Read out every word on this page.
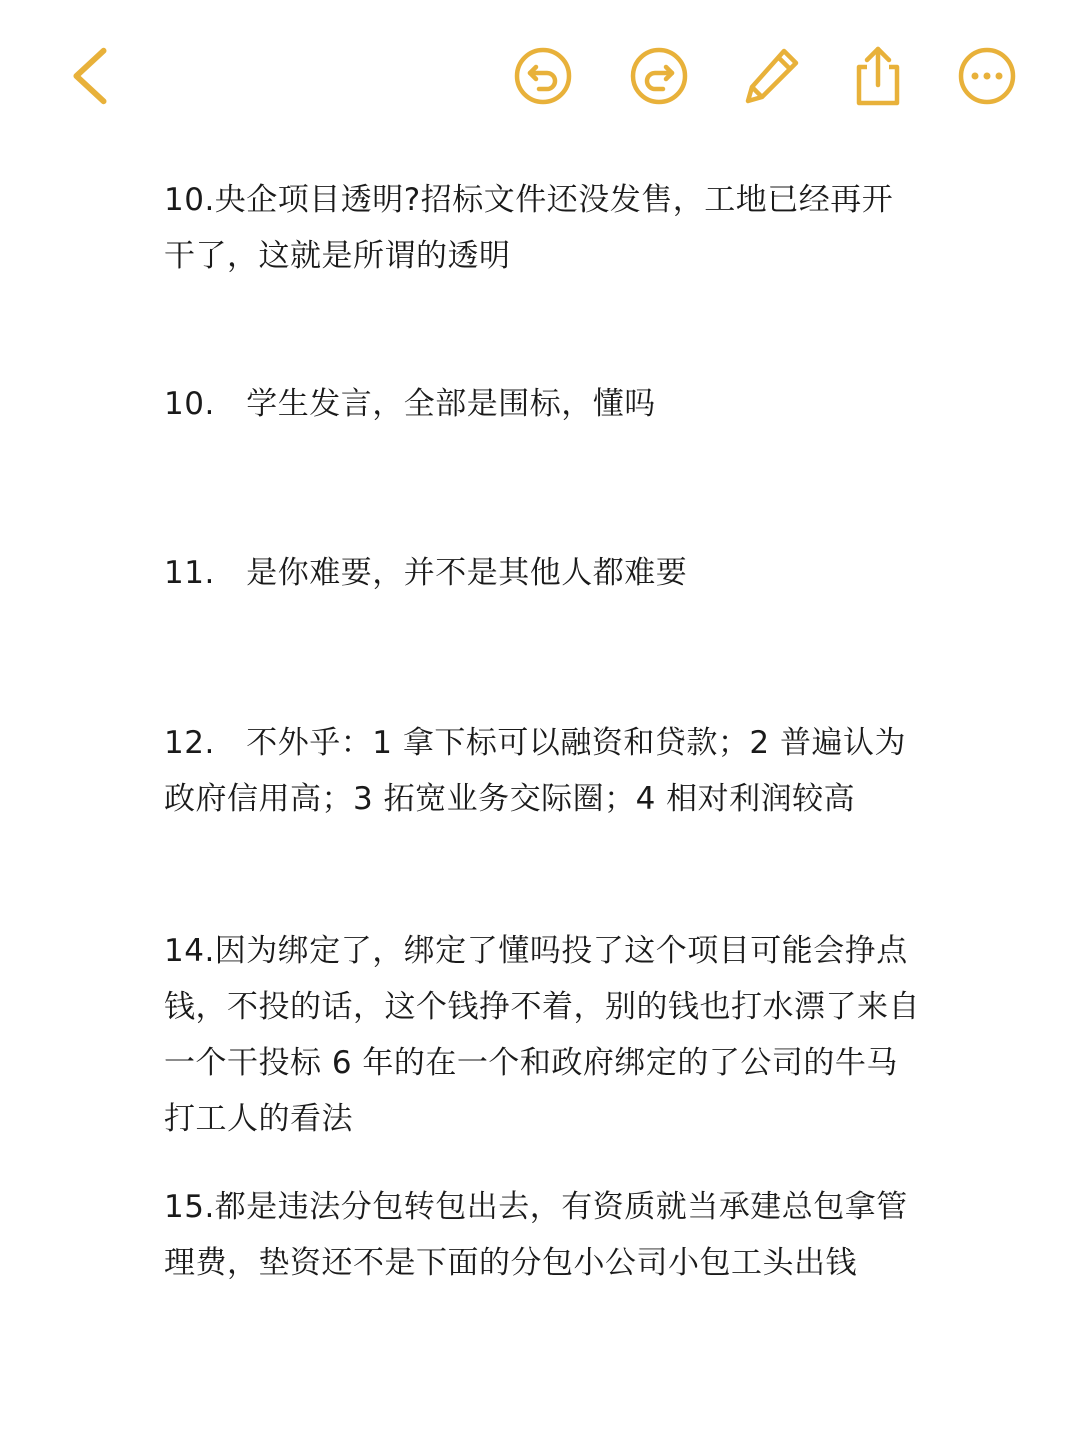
10.央企项目透明?招标文件还没发售，工地已经再开干了，这就是所谓的透明

10.　学生发言，全部是围标，懂吗

11.　是你难要，并不是其他人都难要

12.　不外乎：1 拿下标可以融资和贷款；2 普遍认为政府信用高；3 拓宽业务交际圈；4 相对利润较高

14.因为绑定了，绑定了懂吗投了这个项目可能会挣点钱，不投的话，这个钱挣不着，别的钱也打水漂了来自一个干投标 6 年的在一个和政府绑定的了公司的牛马打工人的看法

15.都是违法分包转包出去，有资质就当承建总包拿管理费，垫资还不是下面的分包小公司小包工头出钱
